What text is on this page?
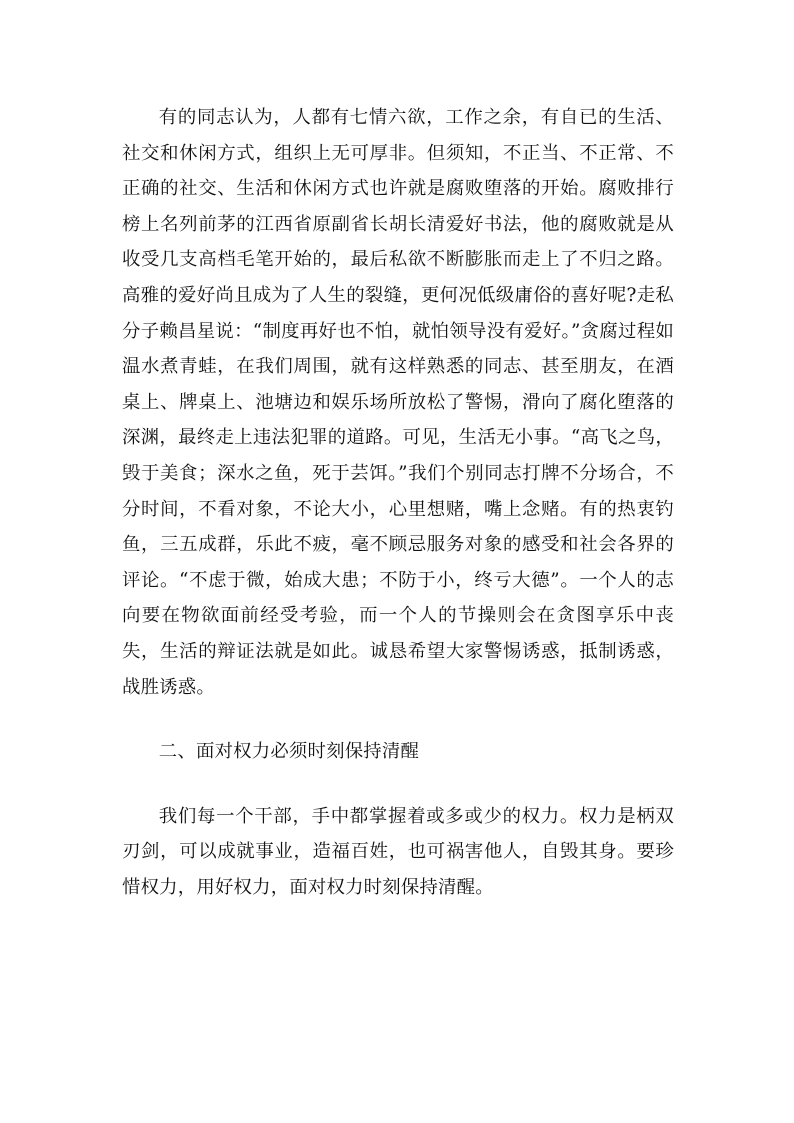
有的同志认为，人都有七情六欲，工作之余，有自已的生活、社交和休闲方式，组织上无可厚非。但须知，不正当、不正常、不正确的社交、生活和休闲方式也许就是腐败堕落的开始。腐败排行榜上名列前茅的江西省原副省长胡长清爱好书法，他的腐败就是从收受几支高档毛笔开始的，最后私欲不断膨胀而走上了不归之路。高雅的爱好尚且成为了人生的裂缝，更何况低级庸俗的喜好呢?走私分子赖昌星说：“制度再好也不怕，就怕领导没有爱好。”贪腐过程如温水煮青蛙，在我们周围，就有这样熟悉的同志、甚至朋友，在酒桌上、牌桌上、池塘边和娱乐场所放松了警惕，滑向了腐化堕落的深渊，最终走上违法犯罪的道路。可见，生活无小事。“高飞之鸟，毁于美食；深水之鱼，死于芸饵。”我们个别同志打牌不分场合，不分时间，不看对象，不论大小，心里想赌，嘴上念赌。有的热衷钓鱼，三五成群，乐此不疲，毫不顾忌服务对象的感受和社会各界的评论。“不虑于微，始成大患；不防于小，终亏大德”。一个人的志向要在物欲面前经受考验，而一个人的节操则会在贪图享乐中丧失，生活的辩证法就是如此。诚恳希望大家警惕诱惑，抵制诱惑，战胜诱惑。

二、面对权力必须时刻保持清醒

我们每一个干部，手中都掌握着或多或少的权力。权力是柄双刃剑，可以成就事业，造福百姓，也可祸害他人，自毁其身。要珍惜权力，用好权力，面对权力时刻保持清醒。
